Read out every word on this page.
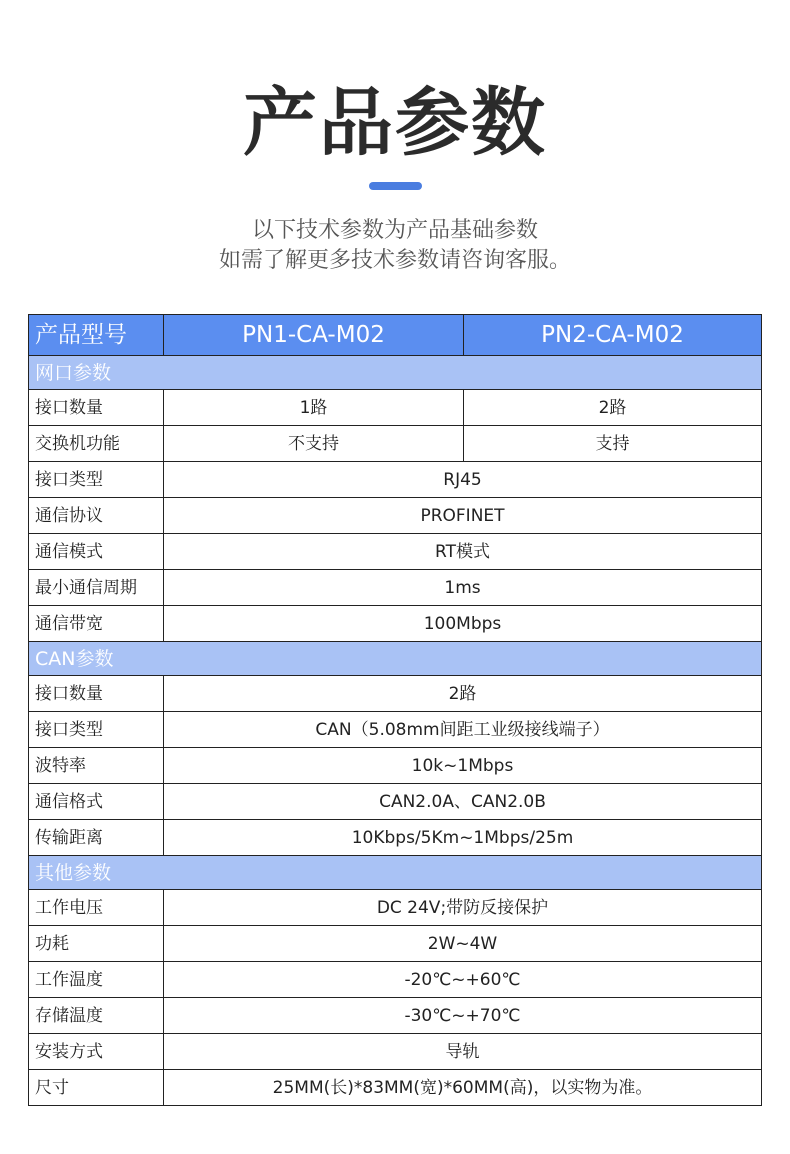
产品参数
以下技术参数为产品基础参数
如需了解更多技术参数请咨询客服。
产品型号	PN1-CA-M02	PN2-CA-M02
网口参数		
接口数量	1路	2路
交换机功能	不支持	支持
接口类型	RJ45	
通信协议	PROFINET	
通信模式	RT模式	
最小通信周期	1ms	
通信带宽	100Mbps	
CAN参数		
接口数量	2路	
接口类型	CAN（5.08mm间距工业级接线端子）	
波特率	10k~1Mbps	
通信格式	CAN2.0A、CAN2.0B	
传输距离	10Kbps/5Km~1Mbps/25m	
其他参数		
工作电压	DC 24V;带防反接保护	
功耗	2W~4W	
工作温度	-20℃~+60℃	
存储温度	-30℃~+70℃	
安装方式	导轨	
尺寸	25MM(长)*83MM(宽)*60MM(高)，以实物为准。	
